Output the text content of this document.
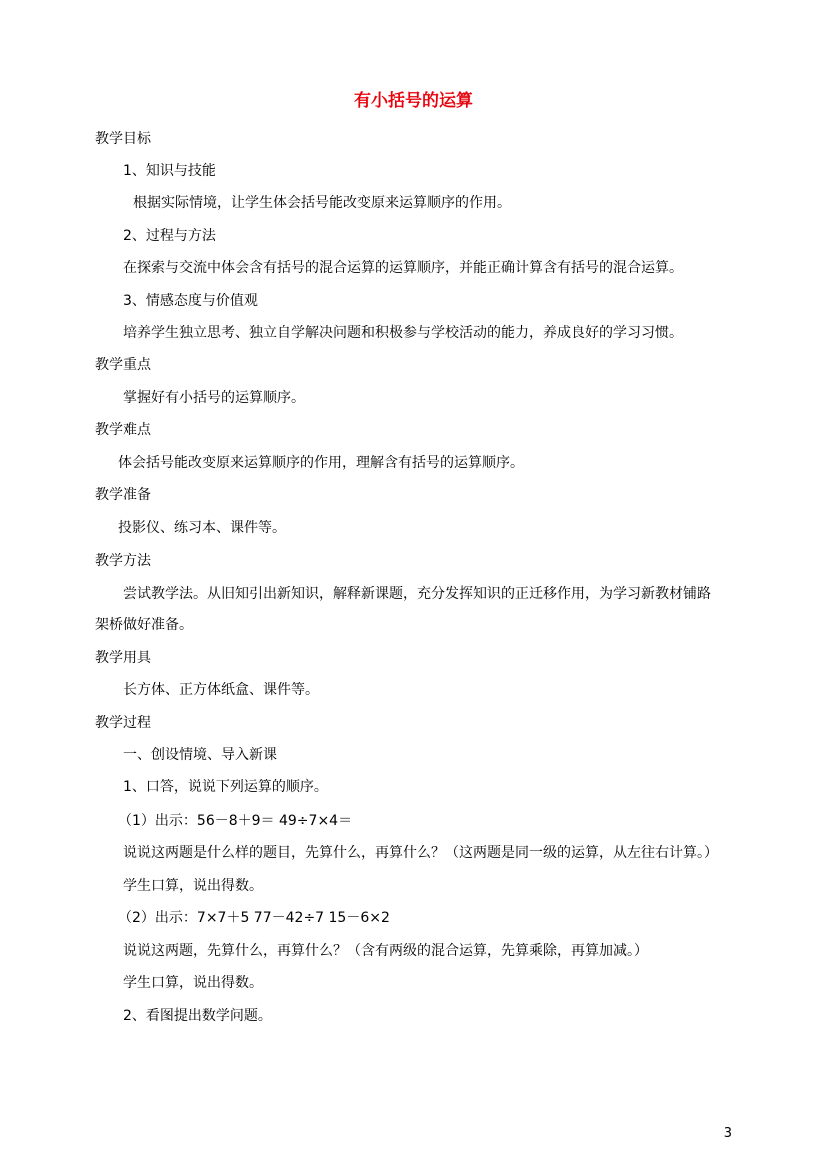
有小括号的运算
教学目标
1、知识与技能
根据实际情境，让学生体会括号能改变原来运算顺序的作用。
2、过程与方法
在探索与交流中体会含有括号的混合运算的运算顺序，并能正确计算含有括号的混合运算。
3、情感态度与价值观
培养学生独立思考、独立自学解决问题和积极参与学校活动的能力，养成良好的学习习惯。
教学重点
掌握好有小括号的运算顺序。
教学难点
体会括号能改变原来运算顺序的作用，理解含有括号的运算顺序。
教学准备
投影仪、练习本、课件等。
教学方法
尝试教学法。从旧知引出新知识，解释新课题，充分发挥知识的正迁移作用，为学习新教材铺路
架桥做好准备。
教学用具
长方体、正方体纸盒、课件等。
教学过程
一、创设情境、导入新课
1、口答，说说下列运算的顺序。
（1）出示：56－8＋9＝ 49÷7×4＝
说说这两题是什么样的题目，先算什么，再算什么？（这两题是同一级的运算，从左往右计算。）
学生口算，说出得数。
（2）出示：7×7＋5 77－42÷7 15－6×2
说说这两题，先算什么，再算什么？（含有两级的混合运算，先算乘除，再算加减。）
学生口算，说出得数。
2、看图提出数学问题。
3
